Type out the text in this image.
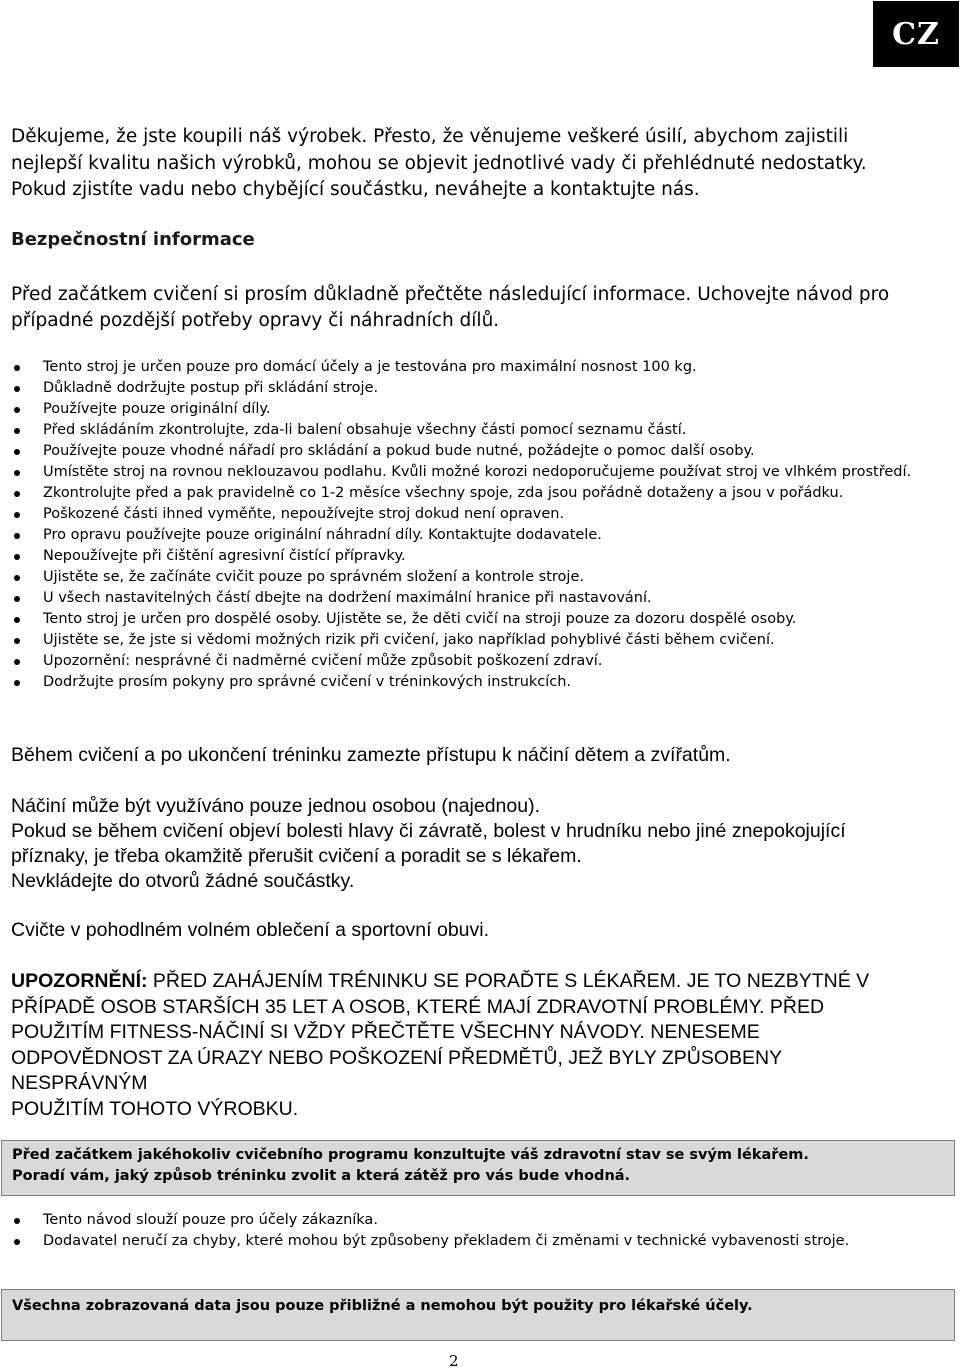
CZ
Děkujeme, že jste koupili náš výrobek. Přesto, že věnujeme veškeré úsilí, abychom zajistili
nejlepší kvalitu našich výrobků, mohou se objevit jednotlivé vady či přehlédnuté nedostatky.
Pokud zjistíte vadu nebo chybějící součástku, neváhejte a kontaktujte nás.
Bezpečnostní informace
Před začátkem cvičení si prosím důkladně přečtěte následující informace. Uchovejte návod pro
případné pozdější potřeby opravy či náhradních dílů.
Tento stroj je určen pouze pro domácí účely a je testována pro maximální nosnost 100 kg.
Důkladně dodržujte postup při skládání stroje.
Používejte pouze originální díly.
Před skládáním zkontrolujte, zda-li balení obsahuje všechny části pomocí seznamu částí.
Používejte pouze vhodné nářadí pro skládání a pokud bude nutné, požádejte o pomoc další osoby.
Umístěte stroj na rovnou neklouzavou podlahu. Kvůli možné korozi nedoporučujeme používat stroj ve vlhkém prostředí.
Zkontrolujte před a pak pravidelně co 1-2 měsíce všechny spoje, zda jsou pořádně dotaženy a jsou v pořádku.
Poškozené části ihned vyměňte, nepoužívejte stroj dokud není opraven.
Pro opravu používejte pouze originální náhradní díly. Kontaktujte dodavatele.
Nepoužívejte při čištění agresivní čistící přípravky.
Ujistěte se, že začínáte cvičit pouze po správném složení a kontrole stroje.
U všech nastavitelných částí dbejte na dodržení maximální hranice při nastavování.
Tento stroj je určen pro dospělé osoby. Ujistěte se, že děti cvičí na stroji pouze za dozoru dospělé osoby.
Ujistěte se, že jste si vědomi možných rizik při cvičení, jako například pohyblivé části během cvičení.
Upozornění: nesprávné či nadměrné cvičení může způsobit poškození zdraví.
Dodržujte prosím pokyny pro správné cvičení v tréninkových instrukcích.
Během cvičení a po ukončení tréninku zamezte přístupu k náčiní dětem a zvířatům.
Náčiní může být využíváno pouze jednou osobou (najednou).
Pokud se během cvičení objeví bolesti hlavy či závratě, bolest v hrudníku nebo jiné znepokojující
příznaky, je třeba okamžitě přerušit cvičení a poradit se s lékařem.
Nevkládejte do otvorů žádné součástky.
Cvičte v pohodlném volném oblečení a sportovní obuvi.
UPOZORNĚNÍ: PŘED ZAHÁJENÍM TRÉNINKU SE PORAĎTE S LÉKAŘEM. JE TO NEZBYTNÉ V
PŘÍPADĚ OSOB STARŠÍCH 35 LET A OSOB, KTERÉ MAJÍ ZDRAVOTNÍ PROBLÉMY. PŘED
POUŽITÍM FITNESS-NÁČINÍ SI VŽDY PŘEČTĚTE VŠECHNY NÁVODY. NENESEME
ODPOVĚDNOST ZA ÚRAZY NEBO POŠKOZENÍ PŘEDMĚTŮ, JEŽ BYLY ZPŮSOBENY NESPRÁVNÝM
POUŽITÍM TOHOTO VÝROBKU.
Před začátkem jakéhokoliv cvičebního programu konzultujte váš zdravotní stav se svým lékařem.
Poradí vám, jaký způsob tréninku zvolit a která zátěž pro vás bude vhodná.
Tento návod slouží pouze pro účely zákazníka.
Dodavatel neručí za chyby, které mohou být způsobeny překladem či změnami v technické vybavenosti stroje.
Všechna zobrazovaná data jsou pouze přibližné a nemohou být použity pro lékařské účely.
2
